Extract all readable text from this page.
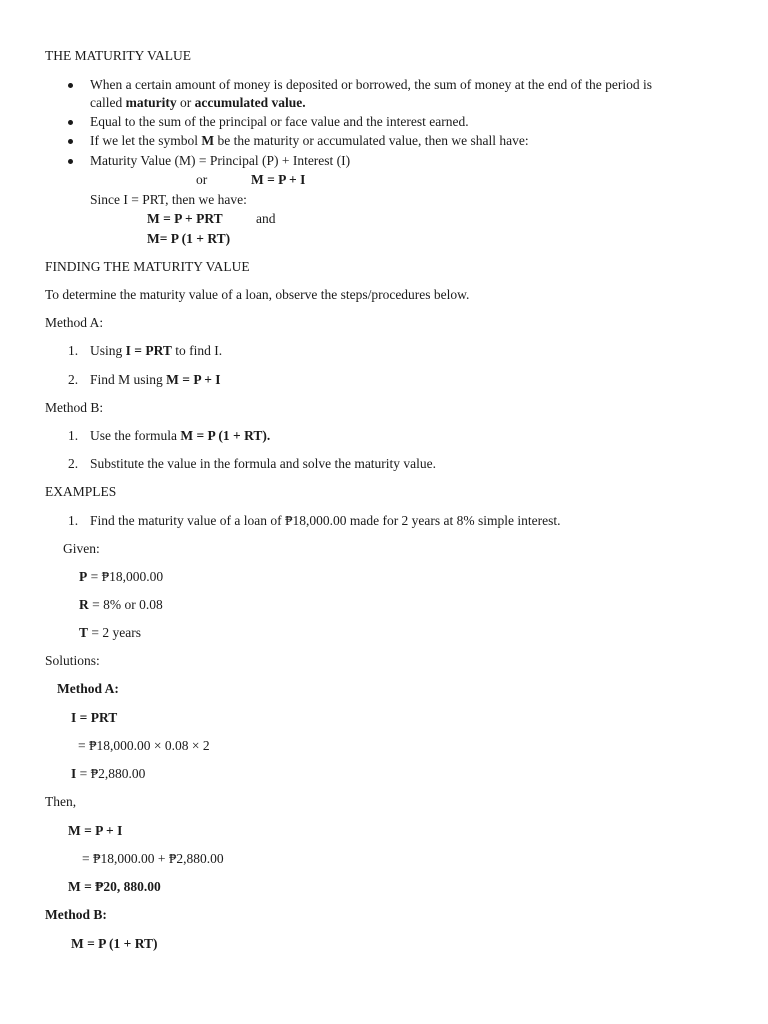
THE MATURITY VALUE
When a certain amount of money is deposited or borrowed, the sum of money at the end of the period is
called maturity or accumulated value.
Equal to the sum of the principal or face value and the interest earned.
If we let the symbol M be the maturity or accumulated value, then we shall have:
Maturity Value (M) = Principal (P) + Interest (I)
or	M = P + I
Since I = PRT, then we have:
M = P + PRT and
M= P (1 + RT)
FINDING THE MATURITY VALUE
To determine the maturity value of a loan, observe the steps/procedures below.
Method A:
1. Using I = PRT to find I.
2. Find M using M = P + I
Method B:
1. Use the formula M = P (1 + RT).
2. Substitute the value in the formula and solve the maturity value.
EXAMPLES
1. Find the maturity value of a loan of ₱18,000.00 made for 2 years at 8% simple interest.
Given:
P = ₱18,000.00
R = 8% or 0.08
T = 2 years
Solutions:
Method A:
I = PRT
= ₱18,000.00 × 0.08 × 2
I = ₱2,880.00
Then,
M = P + I
= ₱18,000.00 + ₱2,880.00
M = ₱20, 880.00
Method B:
M = P (1 + RT)
